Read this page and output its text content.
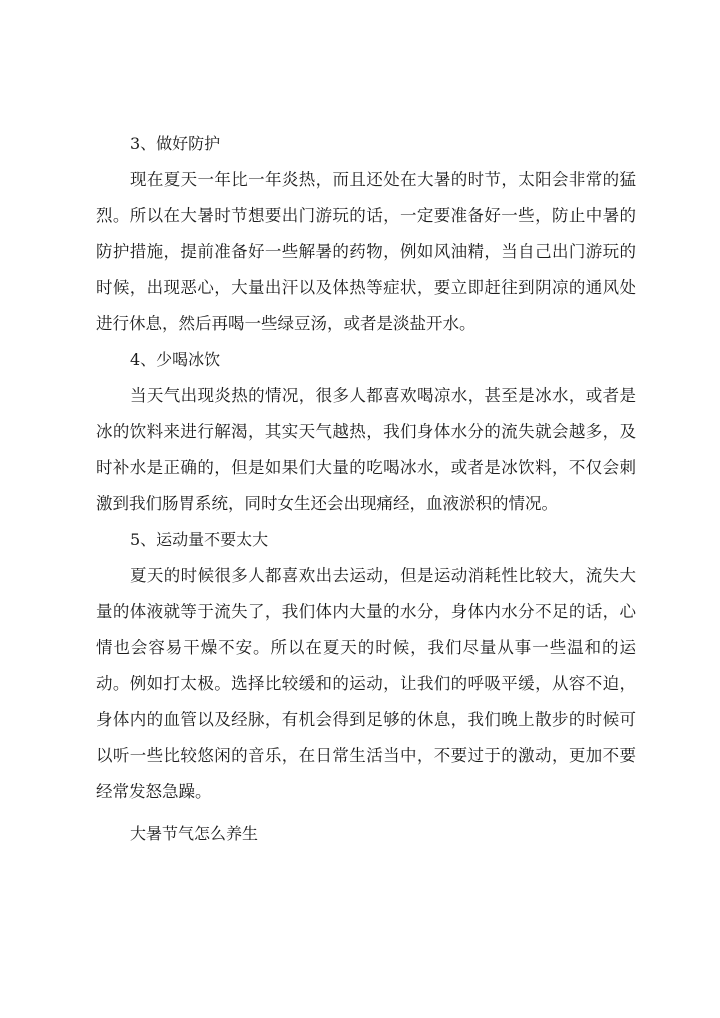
3、做好防护

现在夏天一年比一年炎热，而且还处在大暑的时节，太阳会非常的猛烈。所以在大暑时节想要出门游玩的话，一定要准备好一些，防止中暑的防护措施，提前准备好一些解暑的药物，例如风油精，当自己出门游玩的时候，出现恶心，大量出汗以及体热等症状，要立即赶往到阴凉的通风处进行休息，然后再喝一些绿豆汤，或者是淡盐开水。

4、少喝冰饮

当天气出现炎热的情况，很多人都喜欢喝凉水，甚至是冰水，或者是冰的饮料来进行解渴，其实天气越热，我们身体水分的流失就会越多，及时补水是正确的，但是如果们大量的吃喝冰水，或者是冰饮料，不仅会刺激到我们肠胃系统，同时女生还会出现痛经，血液淤积的情况。

5、运动量不要太大

夏天的时候很多人都喜欢出去运动，但是运动消耗性比较大，流失大量的体液就等于流失了，我们体内大量的水分，身体内水分不足的话，心情也会容易干燥不安。所以在夏天的时候，我们尽量从事一些温和的运动。例如打太极。选择比较缓和的运动，让我们的呼吸平缓，从容不迫，身体内的血管以及经脉，有机会得到足够的休息，我们晚上散步的时候可以听一些比较悠闲的音乐，在日常生活当中，不要过于的激动，更加不要经常发怒急躁。

大暑节气怎么养生
